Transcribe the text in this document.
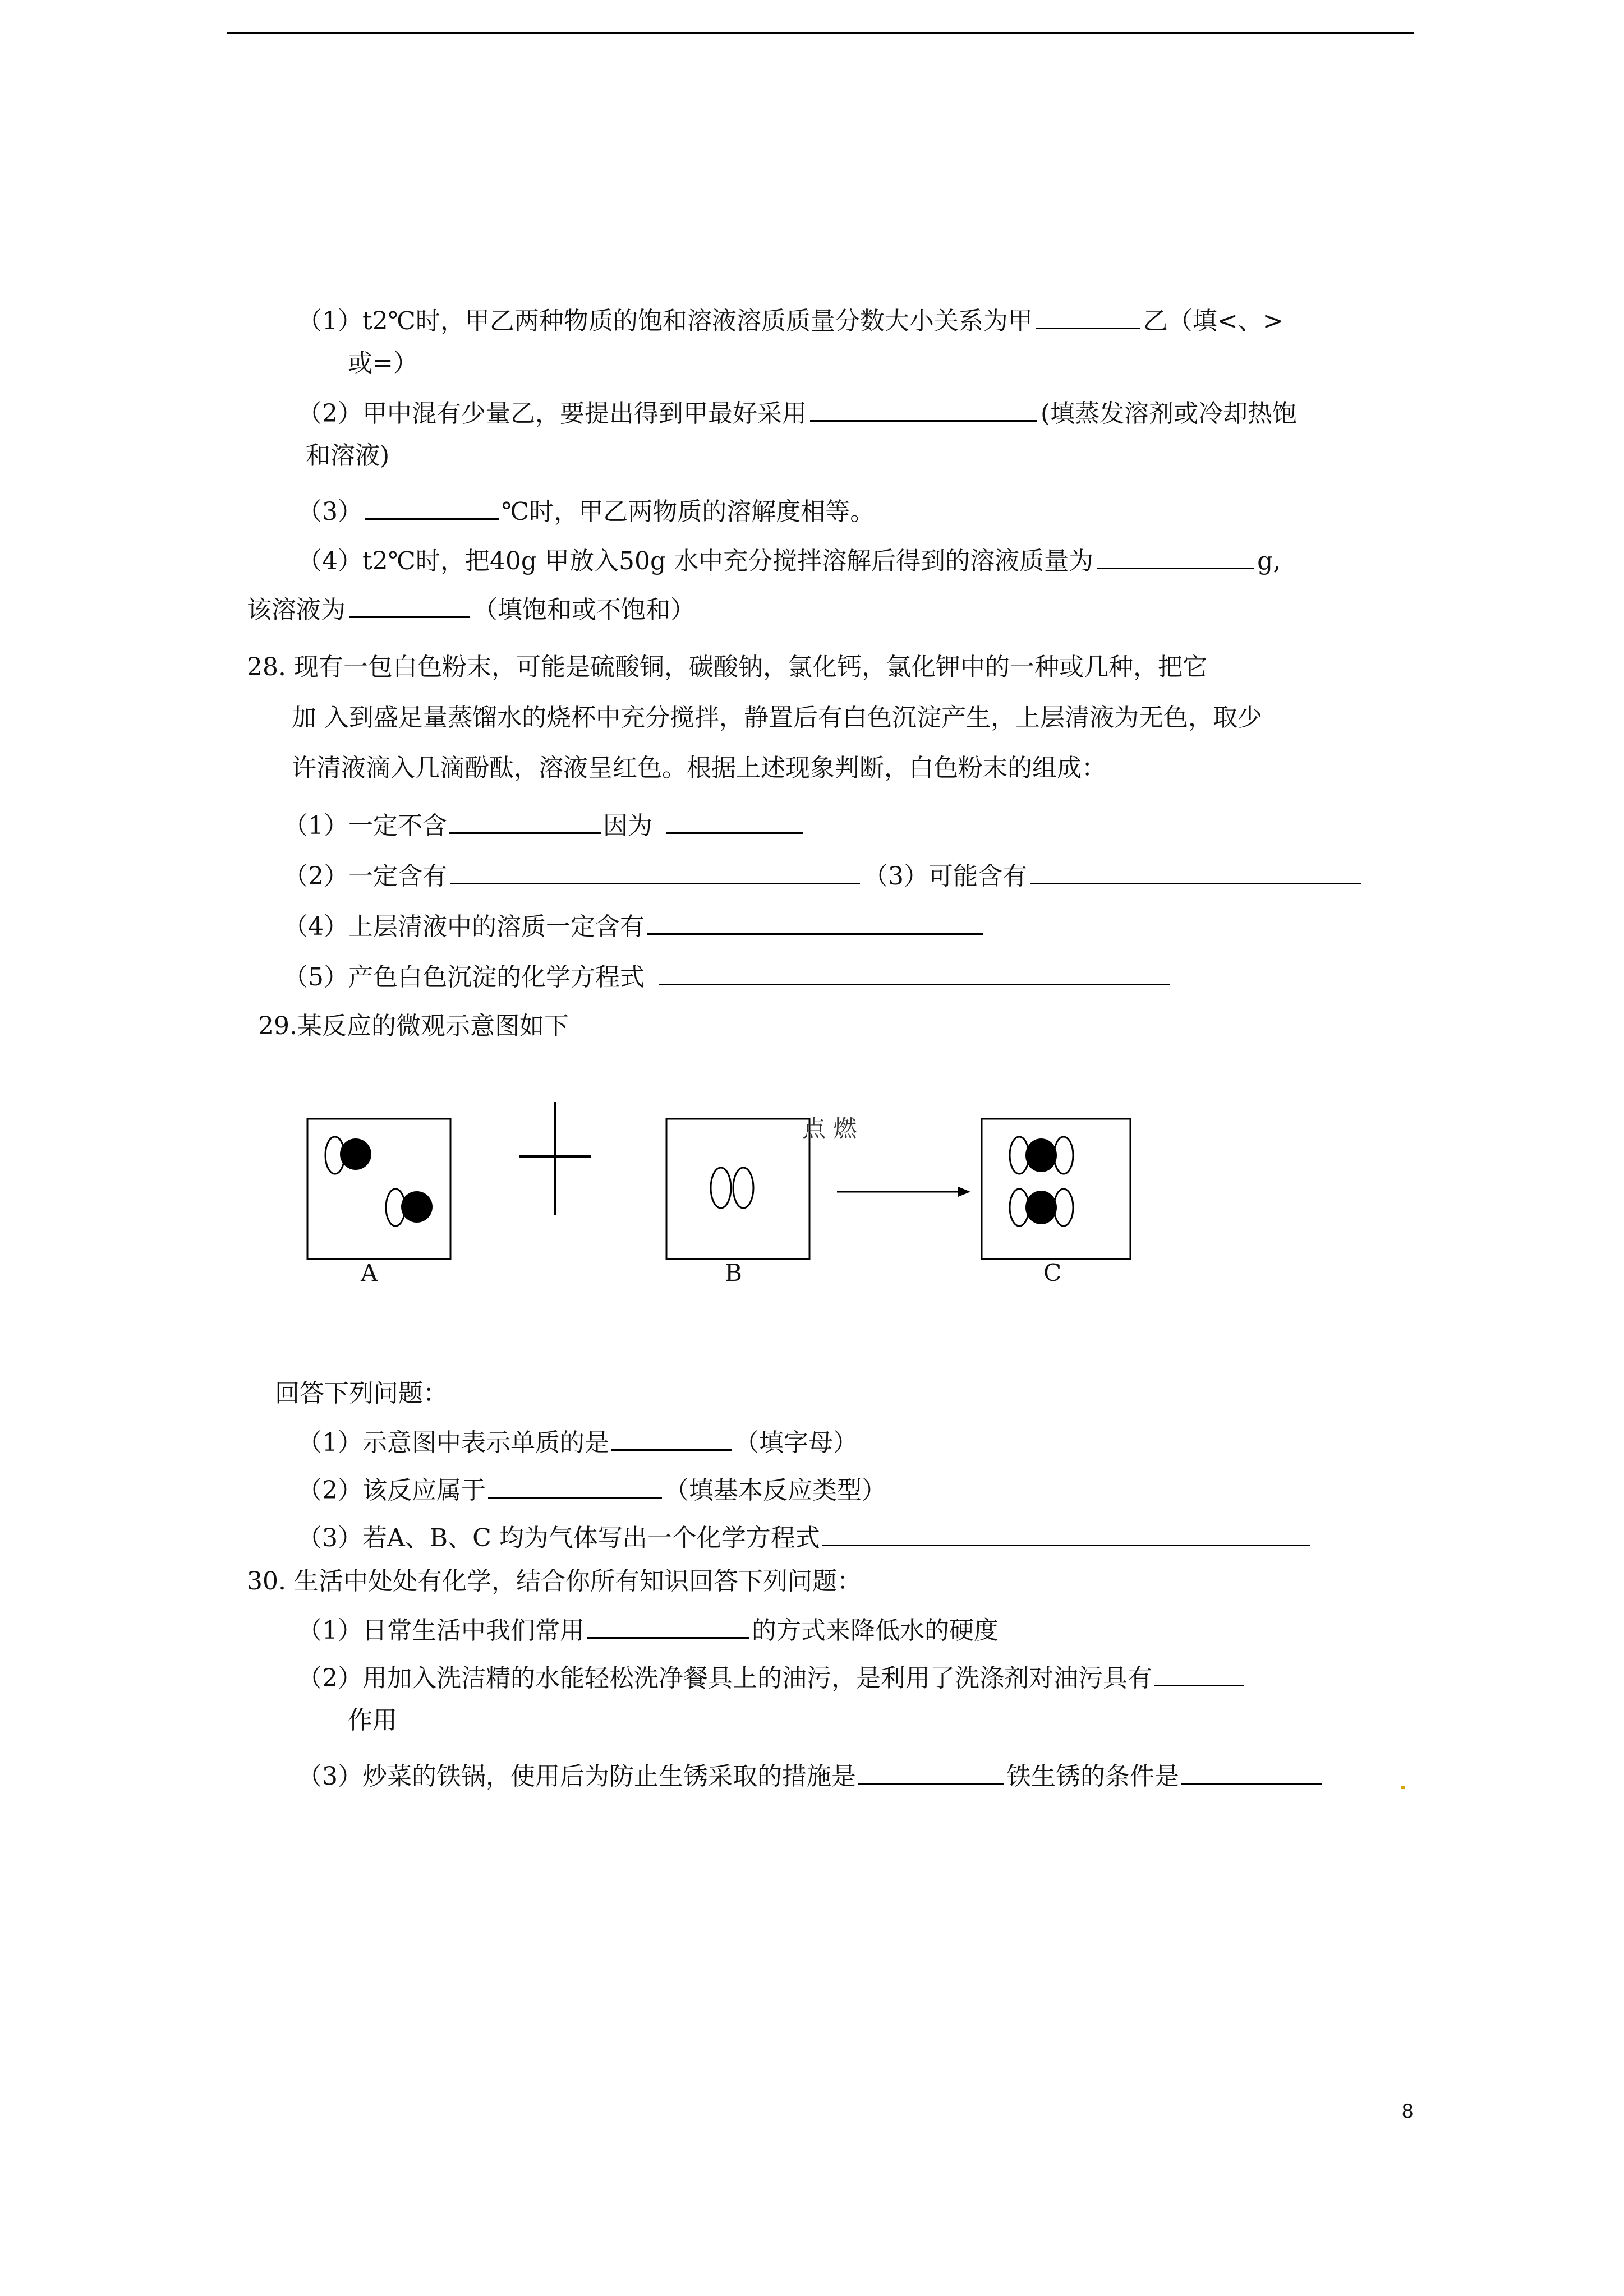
（1）t2℃时，甲乙两种物质的饱和溶液溶质质量分数大小关系为甲	乙（填<、>
或=）
（2）甲中混有少量乙，要提出得到甲最好采用	(填蒸发溶剂或冷却热饱
和溶液)
（3）	℃时，甲乙两物质的溶解度相等。
（4）t2℃时，把40g 甲放入50g 水中充分搅拌溶解后得到的溶液质量为	g,
该溶液为	（填饱和或不饱和）
28. 现有一包白色粉末，可能是硫酸铜，碳酸钠，氯化钙，氯化钾中的一种或几种，把它
加 入到盛足量蒸馏水的烧杯中充分搅拌，静置后有白色沉淀产生，上层清液为无色，取少
许清液滴入几滴酚酞，溶液呈红色。根据上述现象判断，白色粉末的组成：
（1）一定不含	因为
（2）一定含有	（3）可能含有
（4）上层清液中的溶质一定含有
（5）产色白色沉淀的化学方程式
29.某反应的微观示意图如下
点 燃
A	B	C
回答下列问题：
（1）示意图中表示单质的是	（填字母）
（2）该反应属于	（填基本反应类型）
（3）若A、B、C 均为气体写出一个化学方程式
30. 生活中处处有化学，结合你所有知识回答下列问题：
（1）日常生活中我们常用	的方式来降低水的硬度
（2）用加入洗洁精的水能轻松洗净餐具上的油污，是利用了洗涤剂对油污具有
作用
（3）炒菜的铁锅，使用后为防止生锈采取的措施是	铁生锈的条件是
8
